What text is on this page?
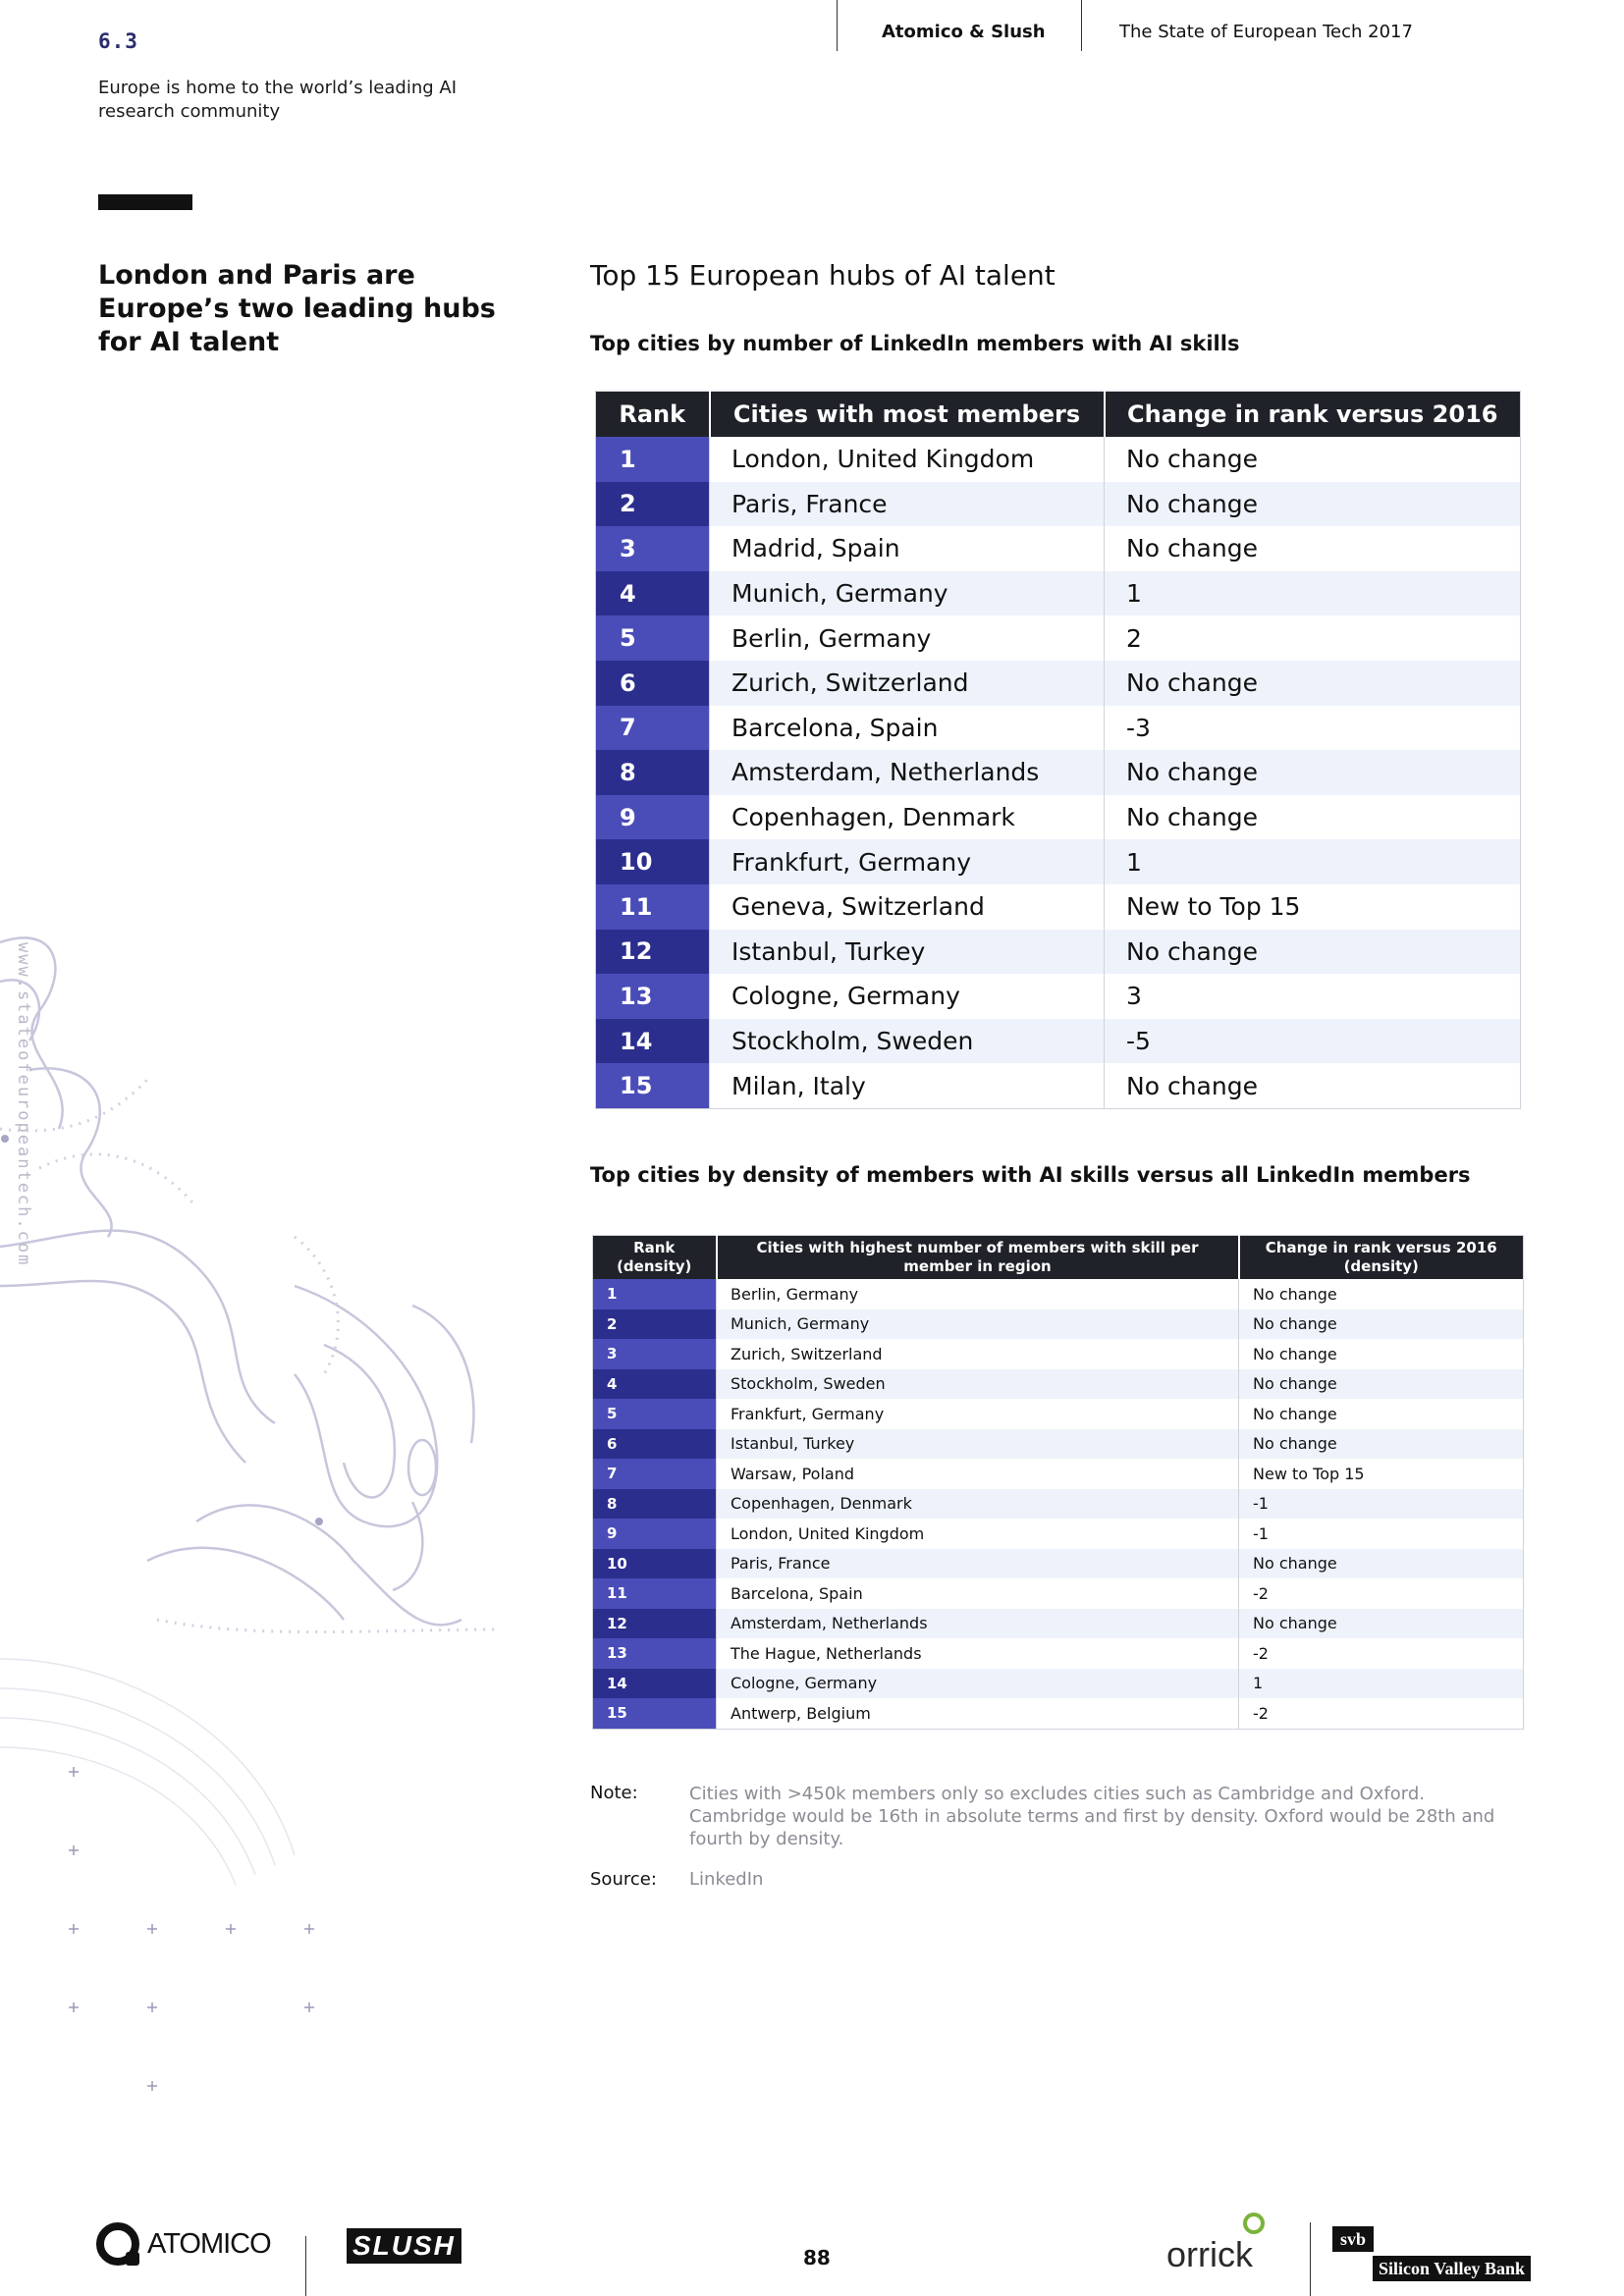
www.stateofeuropeantech.com
6.3
Europe is home to the world’s leading AI research community
Atomico & Slush	The State of European Tech 2017
London and Paris are Europe’s two leading hubs for AI talent
Top 15 European hubs of AI talent
Top cities by number of LinkedIn members with AI skills
Rank	Cities with most members	Change in rank versus 2016
1	London, United Kingdom	No change
2	Paris, France	No change
3	Madrid, Spain	No change
4	Munich, Germany	1
5	Berlin, Germany	2
6	Zurich, Switzerland	No change
7	Barcelona, Spain	-3
8	Amsterdam, Netherlands	No change
9	Copenhagen, Denmark	No change
10	Frankfurt, Germany	1
11	Geneva, Switzerland	New to Top 15
12	Istanbul, Turkey	No change
13	Cologne, Germany	3
14	Stockholm, Sweden	-5
15	Milan, Italy	No change
Top cities by density of members with AI skills versus all LinkedIn members
Rank (density)	Cities with highest number of members with skill per member in region	Change in rank versus 2016 (density)
1	Berlin, Germany	No change
2	Munich, Germany	No change
3	Zurich, Switzerland	No change
4	Stockholm, Sweden	No change
5	Frankfurt, Germany	No change
6	Istanbul, Turkey	No change
7	Warsaw, Poland	New to Top 15
8	Copenhagen, Denmark	-1
9	London, United Kingdom	-1
10	Paris, France	No change
11	Barcelona, Spain	-2
12	Amsterdam, Netherlands	No change
13	The Hague, Netherlands	-2
14	Cologne, Germany	1
15	Antwerp, Belgium	-2
Note:	Cities with >450k members only so excludes cities such as Cambridge and Oxford. Cambridge would be 16th in absolute terms and first by density. Oxford would be 28th and fourth by density.
Source: LinkedIn
ATOMICO	SLUSH	88	orrick	svb
Silicon Valley Bank
